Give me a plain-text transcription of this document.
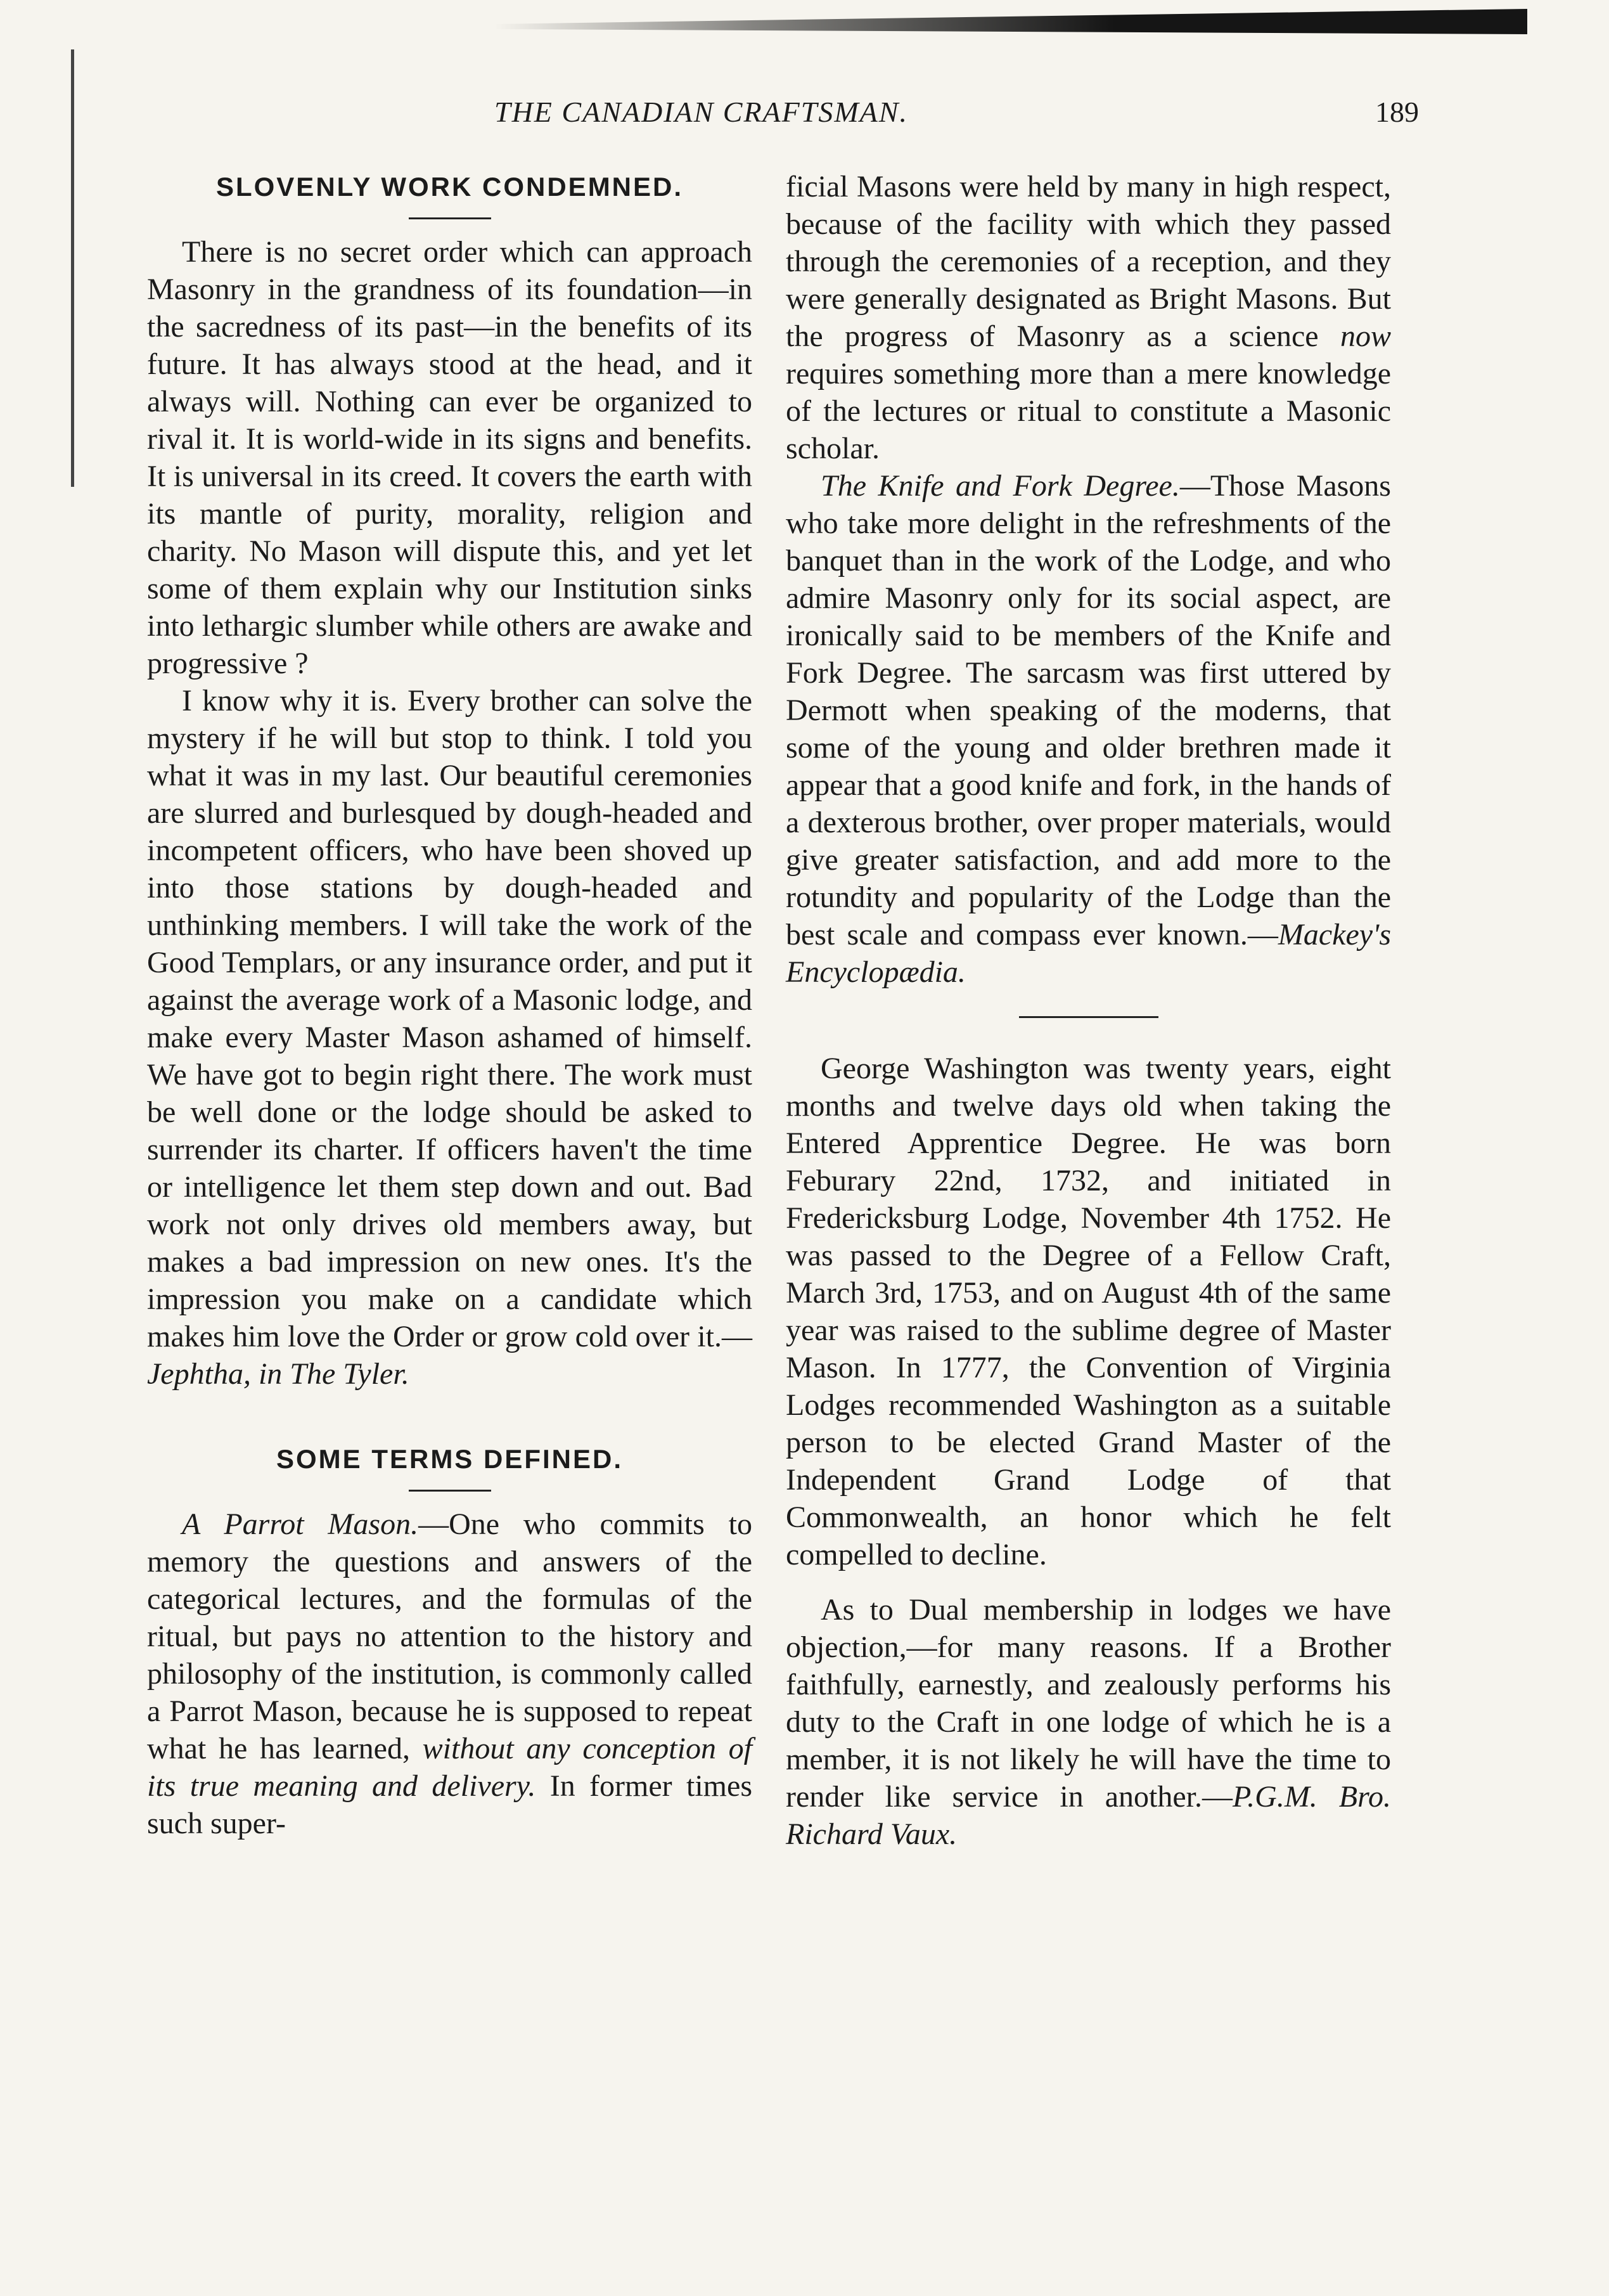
THE CANADIAN CRAFTSMAN.	189
SLOVENLY WORK CONDEMNED.

There is no secret order which can approach Masonry in the grandness of its foundation—in the sacredness of its past—in the benefits of its future. It has always stood at the head, and it always will. Nothing can ever be organized to rival it. It is world-wide in its signs and benefits. It is universal in its creed. It covers the earth with its mantle of purity, morality, religion and charity. No Mason will dispute this, and yet let some of them explain why our Institution sinks into lethargic slumber while others are awake and progressive ?

I know why it is. Every brother can solve the mystery if he will but stop to think. I told you what it was in my last. Our beautiful ceremonies are slurred and burlesqued by dough-headed and incompetent officers, who have been shoved up into those stations by dough-headed and unthinking members. I will take the work of the Good Templars, or any insurance order, and put it against the average work of a Masonic lodge, and make every Master Mason ashamed of himself. We have got to begin right there. The work must be well done or the lodge should be asked to surrender its charter. If officers haven't the time or intelligence let them step down and out. Bad work not only drives old members away, but makes a bad impression on new ones. It's the impression you make on a candidate which makes him love the Order or grow cold over it.—Jephtha, in The Tyler.

SOME TERMS DEFINED.

A Parrot Mason.—One who commits to memory the questions and answers of the categorical lectures, and the formulas of the ritual, but pays no attention to the history and philosophy of the institution, is commonly called a Parrot Mason, because he is supposed to repeat what he has learned, without any conception of its true meaning and delivery. In former times such super-

ficial Masons were held by many in high respect, because of the facility with which they passed through the ceremonies of a reception, and they were generally designated as Bright Masons. But the progress of Masonry as a science now requires something more than a mere knowledge of the lectures or ritual to constitute a Masonic scholar.

The Knife and Fork Degree.—Those Masons who take more delight in the refreshments of the banquet than in the work of the Lodge, and who admire Masonry only for its social aspect, are ironically said to be members of the Knife and Fork Degree. The sarcasm was first uttered by Dermott when speaking of the moderns, that some of the young and older brethren made it appear that a good knife and fork, in the hands of a dexterous brother, over proper materials, would give greater satisfaction, and add more to the rotundity and popularity of the Lodge than the best scale and compass ever known.—Mackey's Encyclopædia.

George Washington was twenty years, eight months and twelve days old when taking the Entered Apprentice Degree. He was born Feburary 22nd, 1732, and initiated in Fredericksburg Lodge, November 4th 1752. He was passed to the Degree of a Fellow Craft, March 3rd, 1753, and on August 4th of the same year was raised to the sublime degree of Master Mason. In 1777, the Convention of Virginia Lodges recommended Washington as a suitable person to be elected Grand Master of the Independent Grand Lodge of that Commonwealth, an honor which he felt compelled to decline.

As to Dual membership in lodges we have objection,—for many reasons. If a Brother faithfully, earnestly, and zealously performs his duty to the Craft in one lodge of which he is a member, it is not likely he will have the time to render like service in another.—P.G.M. Bro. Richard Vaux.
